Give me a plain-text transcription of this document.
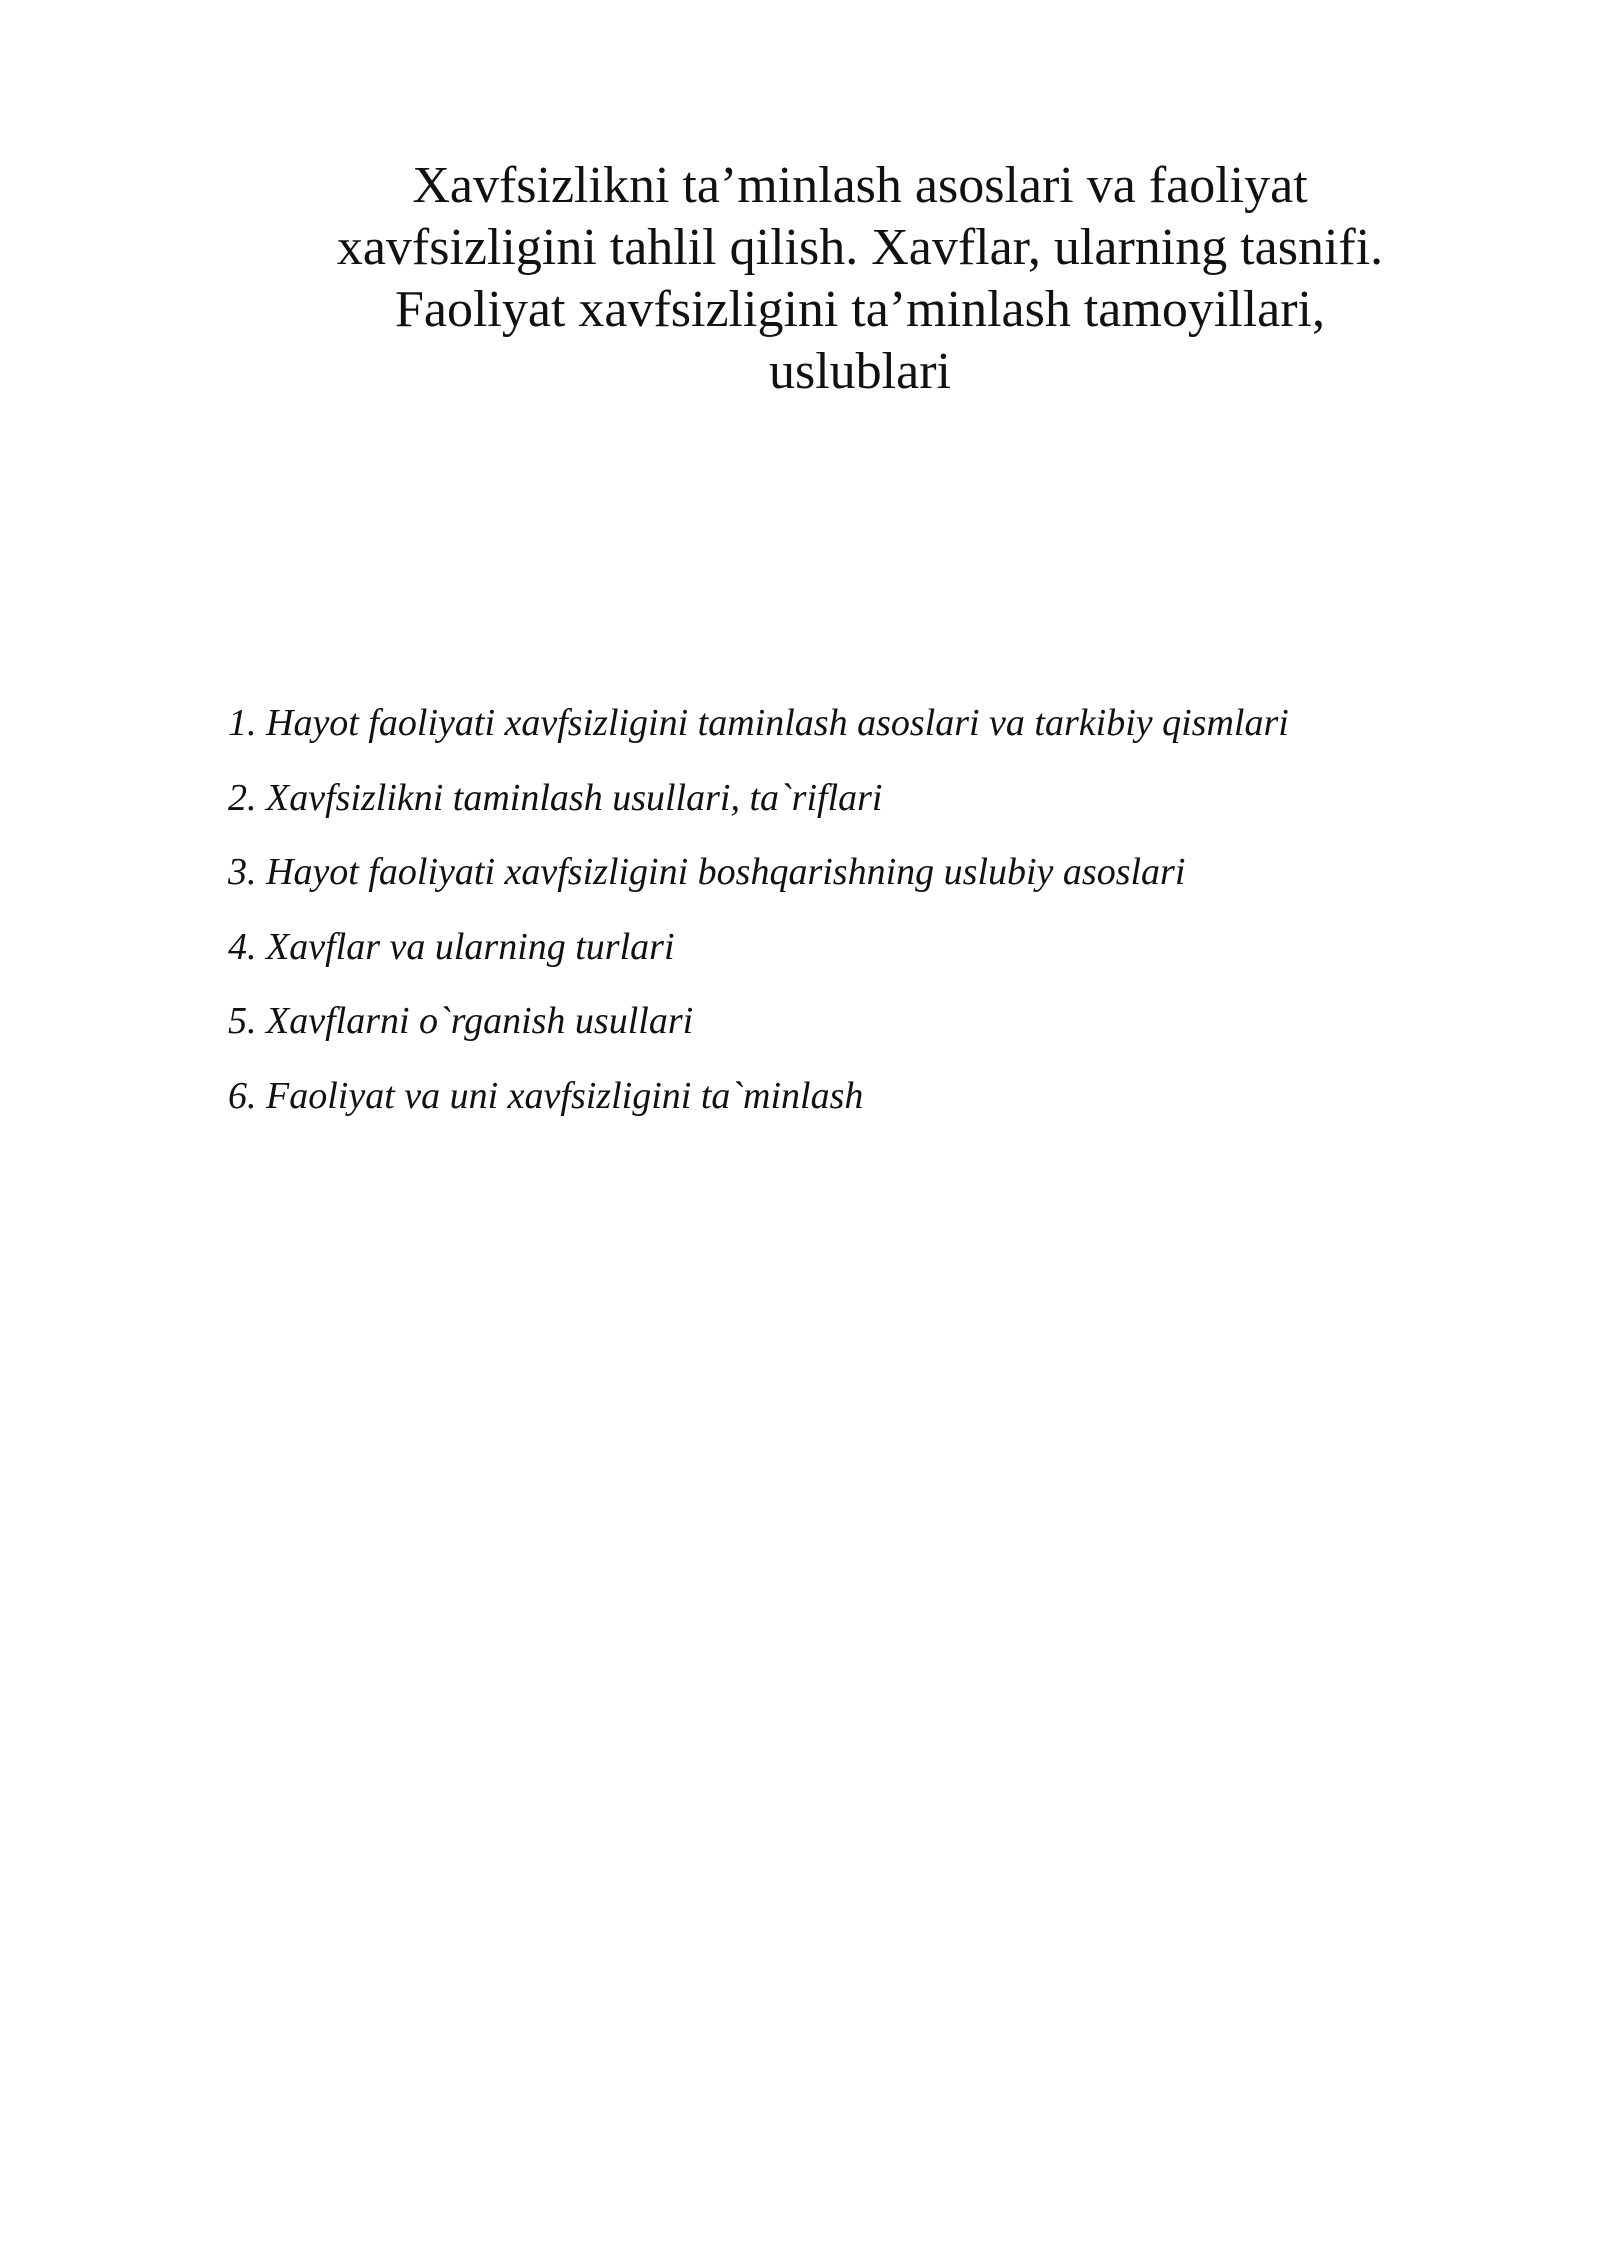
Xavfsizlikni ta’minlash asoslari va faoliyat
xavfsizligini tahlil qilish. Xavflar, ularning tasnifi.
Faoliyat xavfsizligini ta’minlash tamoyillari,
uslublari
1. Hayot faoliyati xavfsizligini taminlash asoslari va tarkibiy qismlari
2. Xavfsizlikni taminlash usullari, ta`riflari
3. Hayot faoliyati xavfsizligini boshqarishning uslubiy asoslari
4. Xavflar va ularning turlari
5. Xavflarni o`rganish usullari
6. Faoliyat va uni xavfsizligini ta`minlash
